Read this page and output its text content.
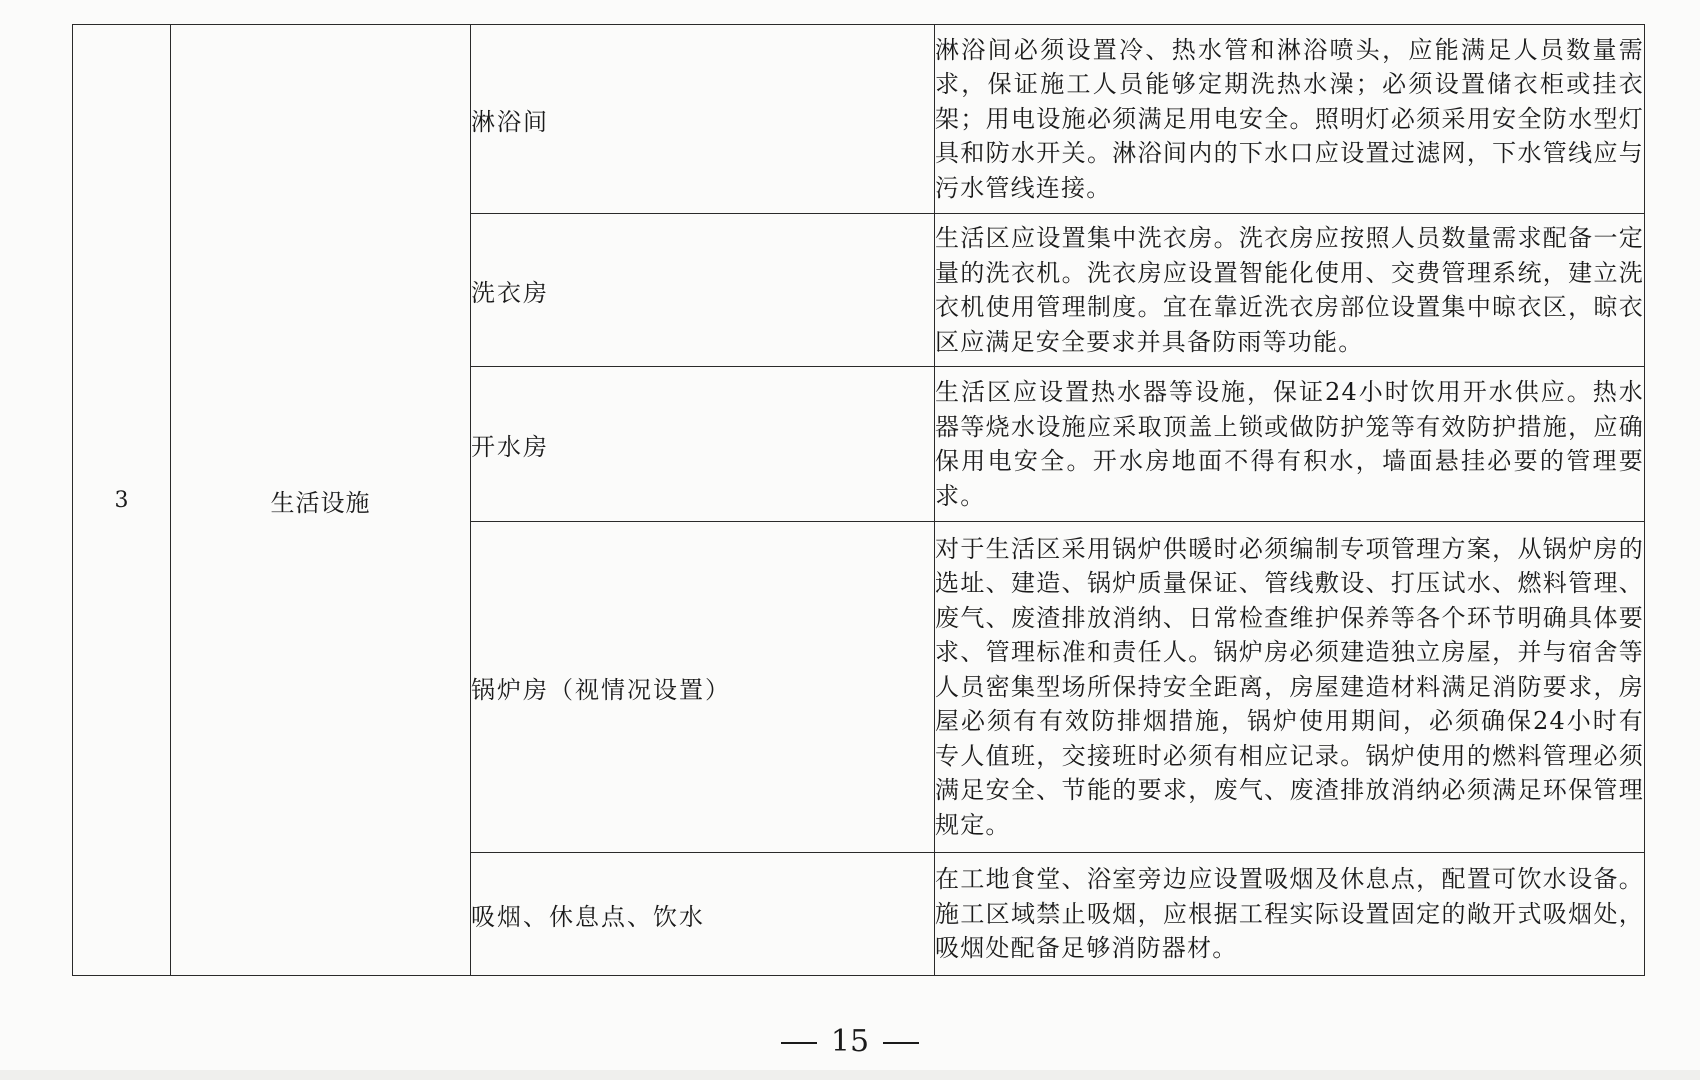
3	生活设施	淋浴间	淋浴间必须设置冷、热水管和淋浴喷头，应能满足人员数量需求，保证施工人员能够定期洗热水澡；必须设置储衣柜或挂衣架；用电设施必须满足用电安全。照明灯必须采用安全防水型灯具和防水开关。淋浴间内的下水口应设置过滤网，下水管线应与污水管线连接。
		洗衣房	生活区应设置集中洗衣房。洗衣房应按照人员数量需求配备一定量的洗衣机。洗衣房应设置智能化使用、交费管理系统，建立洗衣机使用管理制度。宜在靠近洗衣房部位设置集中晾衣区，晾衣区应满足安全要求并具备防雨等功能。
		开水房	生活区应设置热水器等设施，保证24小时饮用开水供应。热水器等烧水设施应采取顶盖上锁或做防护笼等有效防护措施，应确保用电安全。开水房地面不得有积水，墙面悬挂必要的管理要求。
		锅炉房（视情况设置）	对于生活区采用锅炉供暖时必须编制专项管理方案，从锅炉房的选址、建造、锅炉质量保证、管线敷设、打压试水、燃料管理、废气、废渣排放消纳、日常检查维护保养等各个环节明确具体要求、管理标准和责任人。锅炉房必须建造独立房屋，并与宿舍等人员密集型场所保持安全距离，房屋建造材料满足消防要求，房屋必须有有效防排烟措施，锅炉使用期间，必须确保24小时有专人值班，交接班时必须有相应记录。锅炉使用的燃料管理必须满足安全、节能的要求，废气、废渣排放消纳必须满足环保管理规定。
		吸烟、休息点、饮水	在工地食堂、浴室旁边应设置吸烟及休息点，配置可饮水设备。施工区域禁止吸烟，应根据工程实际设置固定的敞开式吸烟处，吸烟处配备足够消防器材。
15
